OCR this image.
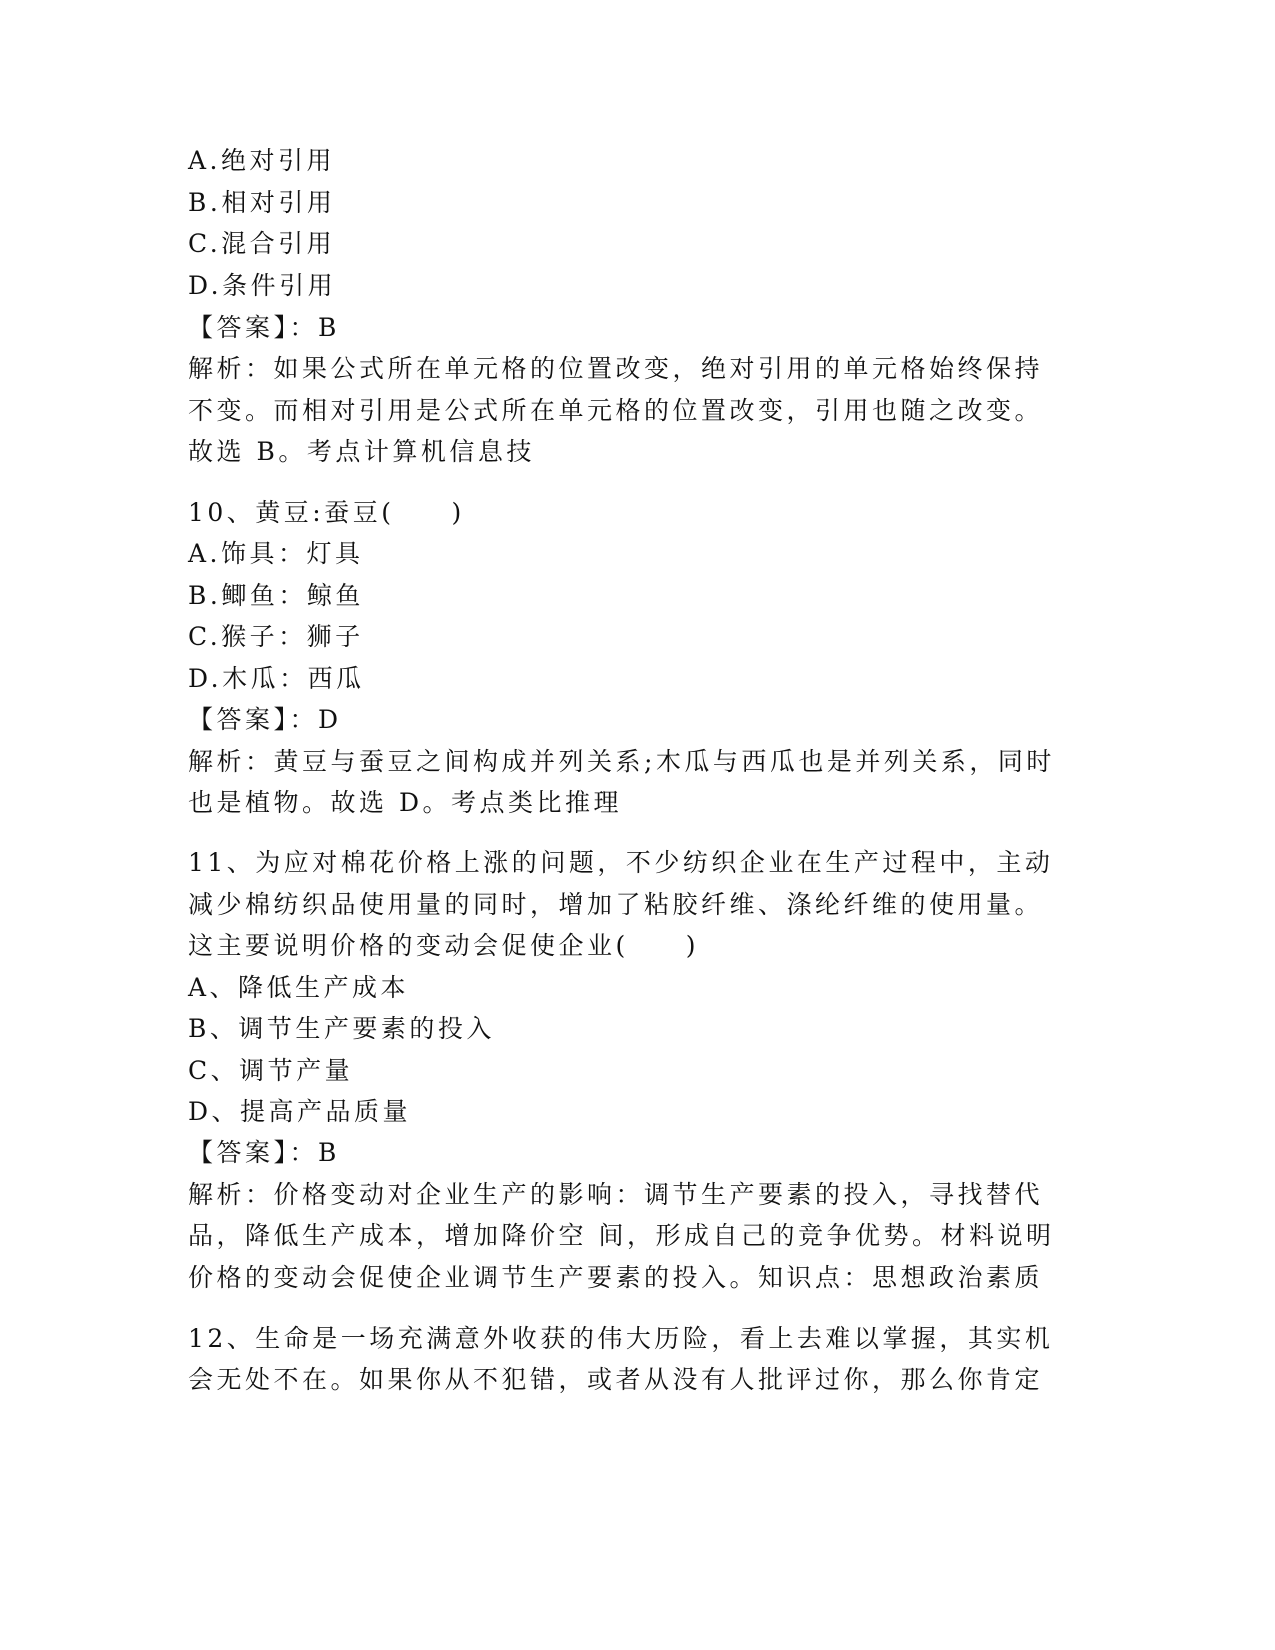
A.绝对引用
B.相对引用
C.混合引用
D.条件引用
【答案】：B
解析：如果公式所在单元格的位置改变，绝对引用的单元格始终保持
不变。而相对引用是公式所在单元格的位置改变，引用也随之改变。
故选 B。考点计算机信息技
10、黄豆:蚕豆(　　)
A.饰具：灯具
B.鲫鱼：鲸鱼
C.猴子：狮子
D.木瓜：西瓜
【答案】：D
解析：黄豆与蚕豆之间构成并列关系;木瓜与西瓜也是并列关系，同时
也是植物。故选 D。考点类比推理
11、为应对棉花价格上涨的问题，不少纺织企业在生产过程中，主动
减少棉纺织品使用量的同时，增加了粘胶纤维、涤纶纤维的使用量。
这主要说明价格的变动会促使企业(　　)
A、降低生产成本
B、调节生产要素的投入
C、调节产量
D、提高产品质量
【答案】：B
解析：价格变动对企业生产的影响：调节生产要素的投入，寻找替代
品，降低生产成本，增加降价空 间，形成自己的竞争优势。材料说明
价格的变动会促使企业调节生产要素的投入。知识点：思想政治素质
12、生命是一场充满意外收获的伟大历险，看上去难以掌握，其实机
会无处不在。如果你从不犯错，或者从没有人批评过你，那么你肯定
